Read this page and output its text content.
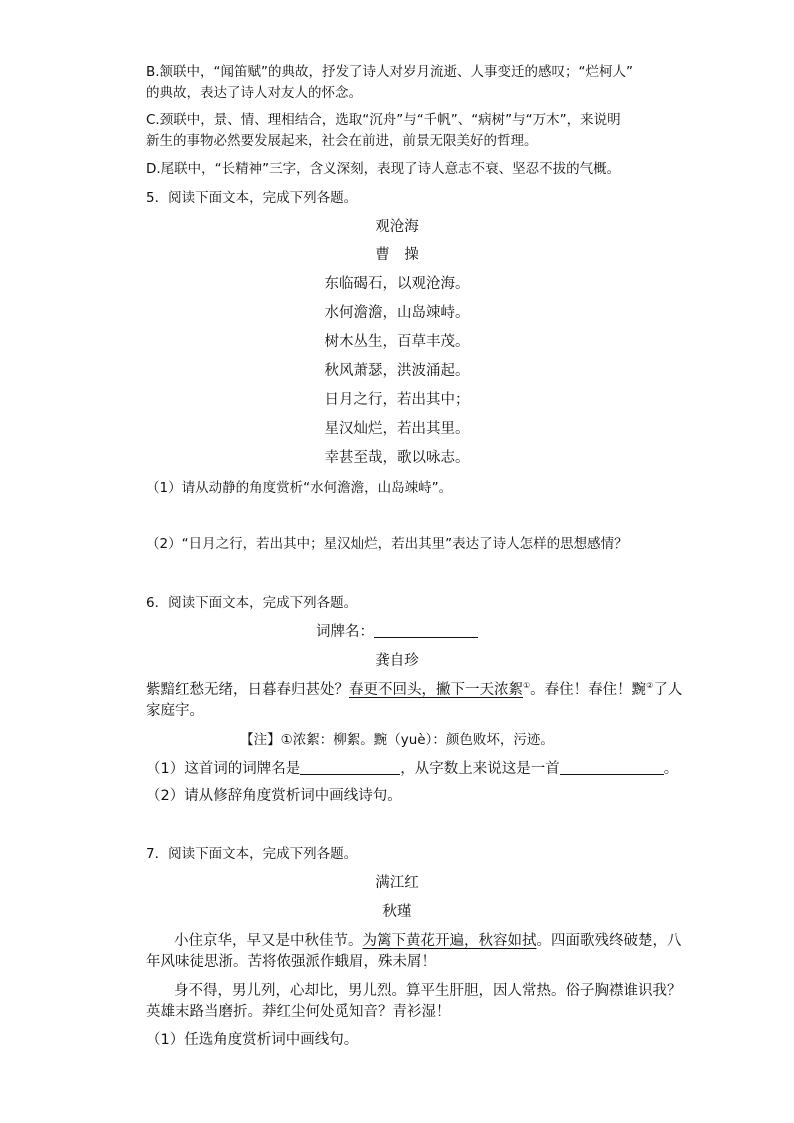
B.颔联中，“闻笛赋”的典故，抒发了诗人对岁月流逝、人事变迁的感叹；“烂柯人”
的典故，表达了诗人对友人的怀念。
C.颈联中，景、情、理相结合，选取“沉舟”与“千帆”、“病树”与“万木”，来说明
新生的事物必然要发展起来，社会在前进，前景无限美好的哲理。
D.尾联中，“长精神”三字，含义深刻，表现了诗人意志不衰、坚忍不拔的气概。
5．阅读下面文本，完成下列各题。
观沧海
曹　操
东临碣石，以观沧海。
水何澹澹，山岛竦峙。
树木丛生，百草丰茂。
秋风萧瑟，洪波涌起。
日月之行，若出其中；
星汉灿烂，若出其里。
幸甚至哉，歌以咏志。
（1）请从动静的角度赏析“水何澹澹，山岛竦峙”。
（2）“日月之行，若出其中；星汉灿烂，若出其里”表达了诗人怎样的思想感情？
6．阅读下面文本，完成下列各题。
词牌名：
龚自珍
紫黯红愁无绪，日暮春归甚处？春更不回头，撇下一天浓絮①。春住！春住！黦②了人
家庭宇。
【注】①浓絮：柳絮。黦（yuè）：颜色败坏，污迹。
（1）这首词的词牌名是	，从字数上来说这是一首	。
（2）请从修辞角度赏析词中画线诗句。
7．阅读下面文本，完成下列各题。
满江红
秋瑾
小住京华，早又是中秋佳节。为篱下黄花开遍，秋容如拭。四面歌残终破楚，八
年风味徒思浙。苦将侬强派作蛾眉，殊未屑！
身不得，男儿列，心却比，男儿烈。算平生肝胆，因人常热。俗子胸襟谁识我？
英雄末路当磨折。莽红尘何处觅知音？青衫湿！
（1）任选角度赏析词中画线句。
